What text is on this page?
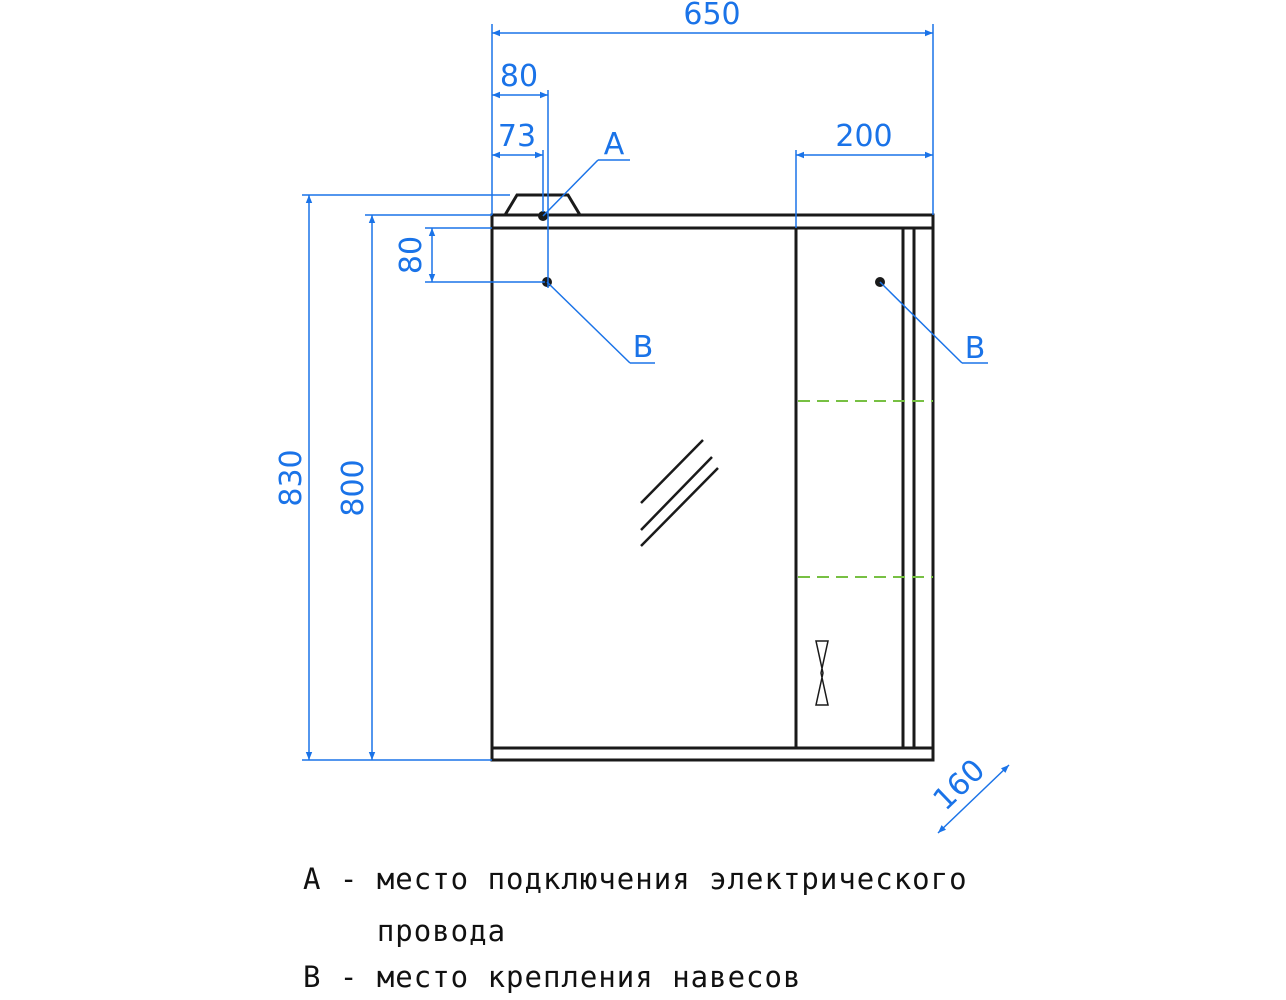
650
80
73	200
830 800
80
160
A
B	B

А - место подключения электрического

провода

В - место крепления навесов
